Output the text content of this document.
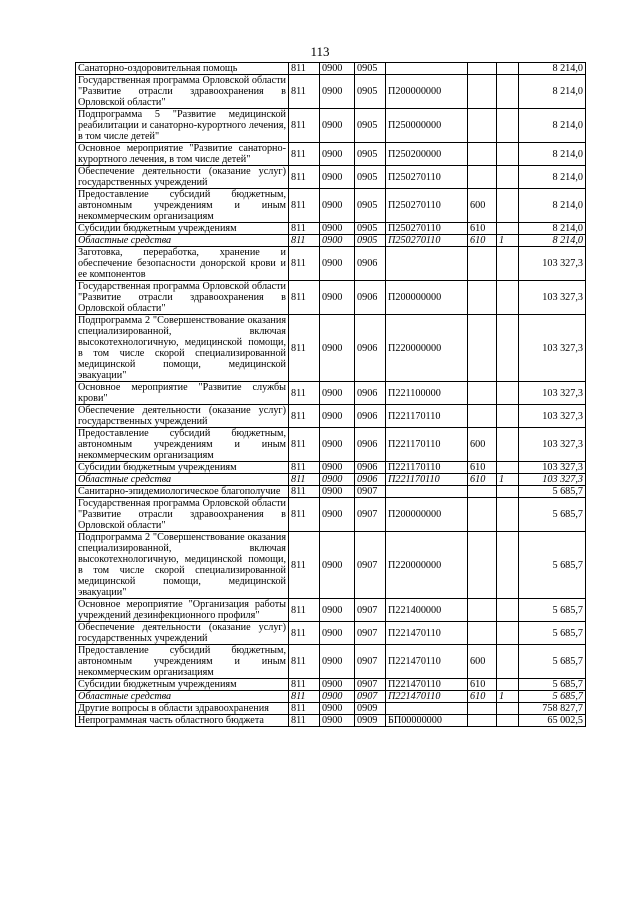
113
Санаторно-оздоровительная помощь	811	0900	0905				8 214,0
Государственная программа Орловской области "Развитие отрасли здравоохранения в Орловской области"	811	0900	0905	П200000000			8 214,0
Подпрограмма 5 "Развитие медицинской реабилитации и санаторно-курортного лечения, в том числе детей"	811	0900	0905	П250000000			8 214,0
Основное мероприятие "Развитие санаторно-курортного лечения, в том числе детей"	811	0900	0905	П250200000			8 214,0
Обеспечение деятельности (оказание услуг) государственных учреждений	811	0900	0905	П250270110			8 214,0
Предоставление субсидий бюджетным, автономным учреждениям и иным некоммерческим организациям	811	0900	0905	П250270110	600		8 214,0
Субсидии бюджетным учреждениям	811	0900	0905	П250270110	610		8 214,0
Областные средства	811	0900	0905	П250270110	610	1	8 214,0
Заготовка, переработка, хранение и обеспечение безопасности донорской крови и ее компонентов	811	0900	0906				103 327,3
Государственная программа Орловской области "Развитие отрасли здравоохранения в Орловской области"	811	0900	0906	П200000000			103 327,3
Подпрограмма 2 "Совершенствование оказания специализированной, включая высокотехнологичную, медицинской помощи, в том числе скорой специализированной медицинской помощи, медицинской эвакуации"	811	0900	0906	П220000000			103 327,3
Основное мероприятие "Развитие службы крови"	811	0900	0906	П221100000			103 327,3
Обеспечение деятельности (оказание услуг) государственных учреждений	811	0900	0906	П221170110			103 327,3
Предоставление субсидий бюджетным, автономным учреждениям и иным некоммерческим организациям	811	0900	0906	П221170110	600		103 327,3
Субсидии бюджетным учреждениям	811	0900	0906	П221170110	610		103 327,3
Областные средства	811	0900	0906	П221170110	610	1	103 327,3
Санитарно-эпидемиологическое благополучие	811	0900	0907				5 685,7
Государственная программа Орловской области "Развитие отрасли здравоохранения в Орловской области"	811	0900	0907	П200000000			5 685,7
Подпрограмма 2 "Совершенствование оказания специализированной, включая высокотехнологичную, медицинской помощи, в том числе скорой специализированной медицинской помощи, медицинской эвакуации"	811	0900	0907	П220000000			5 685,7
Основное мероприятие "Организация работы учреждений дезинфекционного профиля"	811	0900	0907	П221400000			5 685,7
Обеспечение деятельности (оказание услуг) государственных учреждений	811	0900	0907	П221470110			5 685,7
Предоставление субсидий бюджетным, автономным учреждениям и иным некоммерческим организациям	811	0900	0907	П221470110	600		5 685,7
Субсидии бюджетным учреждениям	811	0900	0907	П221470110	610		5 685,7
Областные средства	811	0900	0907	П221470110	610	1	5 685,7
Другие вопросы в области здравоохранения	811	0900	0909				758 827,7
Непрограммная часть областного бюджета	811	0900	0909	БП00000000			65 002,5
